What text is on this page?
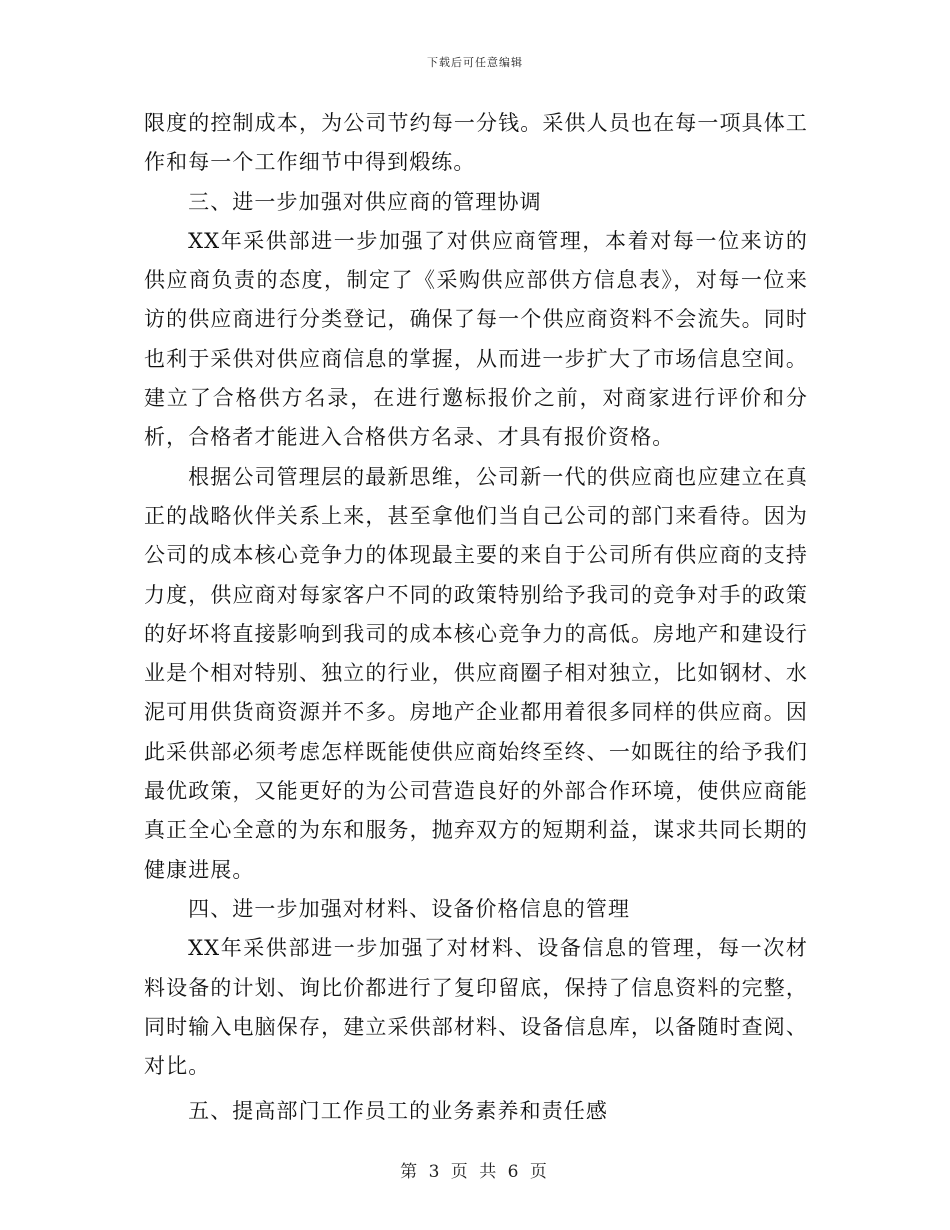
下载后可任意编辑

限度的控制成本，为公司节约每一分钱。采供人员也在每一项具体工作和每一个工作细节中得到煅练。

三、进一步加强对供应商的管理协调

XX年采供部进一步加强了对供应商管理，本着对每一位来访的供应商负责的态度，制定了《采购供应部供方信息表》，对每一位来访的供应商进行分类登记，确保了每一个供应商资料不会流失。同时也利于采供对供应商信息的掌握，从而进一步扩大了市场信息空间。建立了合格供方名录，在进行邀标报价之前，对商家进行评价和分析，合格者才能进入合格供方名录、才具有报价资格。

根据公司管理层的最新思维，公司新一代的供应商也应建立在真正的战略伙伴关系上来，甚至拿他们当自己公司的部门来看待。因为公司的成本核心竞争力的体现最主要的来自于公司所有供应商的支持力度，供应商对每家客户不同的政策特别给予我司的竞争对手的政策的好坏将直接影响到我司的成本核心竞争力的高低。房地产和建设行业是个相对特别、独立的行业，供应商圈子相对独立，比如钢材、水泥可用供货商资源并不多。房地产企业都用着很多同样的供应商。因此采供部必须考虑怎样既能使供应商始终至终、一如既往的给予我们最优政策，又能更好的为公司营造良好的外部合作环境，使供应商能真正全心全意的为东和服务，抛弃双方的短期利益，谋求共同长期的健康进展。

四、进一步加强对材料、设备价格信息的管理

XX年采供部进一步加强了对材料、设备信息的管理，每一次材料设备的计划、询比价都进行了复印留底，保持了信息资料的完整，同时输入电脑保存，建立采供部材料、设备信息库，以备随时查阅、对比。

五、提高部门工作员工的业务素养和责任感

第 3 页 共 6 页
